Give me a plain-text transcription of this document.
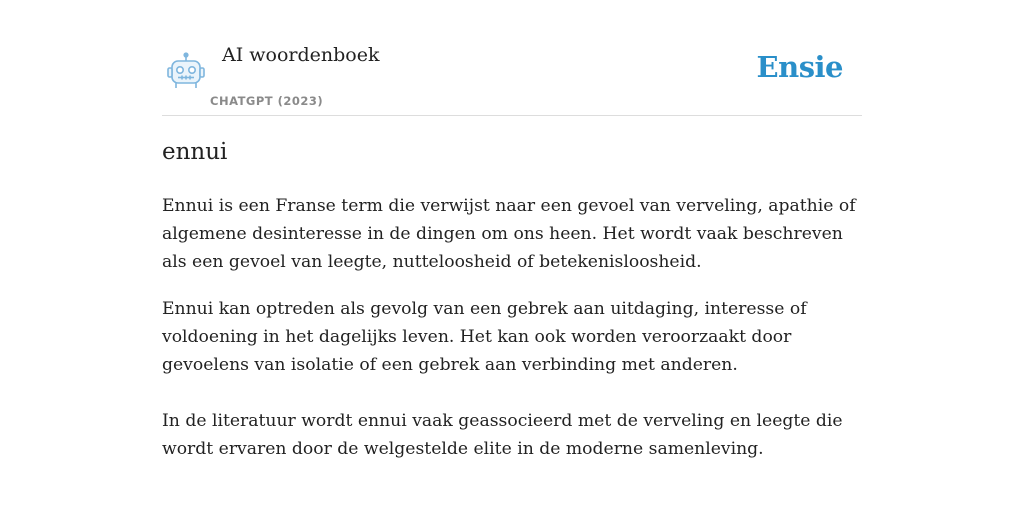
AI woordenboek
CHATGPT (2023)
Ensie
ennui

Ennui is een Franse term die verwijst naar een gevoel van verveling, apathie of algemene desinteresse in de dingen om ons heen. Het wordt vaak beschreven als een gevoel van leegte, nutteloosheid of betekenisloosheid.

Ennui kan optreden als gevolg van een gebrek aan uitdaging, interesse of voldoening in het dagelijks leven. Het kan ook worden veroorzaakt door gevoelens van isolatie of een gebrek aan verbinding met anderen.

In de literatuur wordt ennui vaak geassocieerd met de verveling en leegte die wordt ervaren door de welgestelde elite in de moderne samenleving.
